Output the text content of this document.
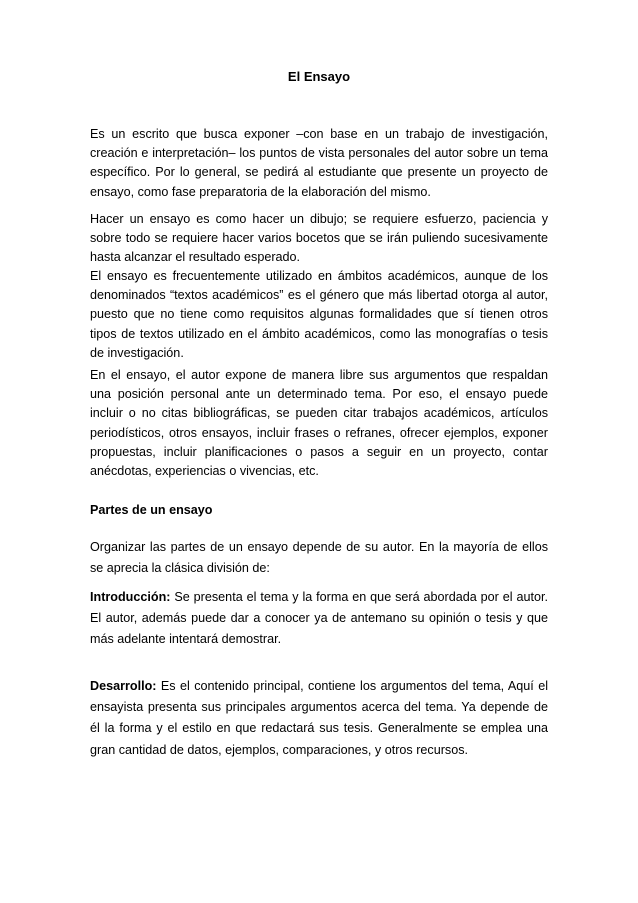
El Ensayo

Es un escrito que busca exponer –con base en un trabajo de investigación, creación e interpretación– los puntos de vista personales del autor sobre un tema específico. Por lo general, se pedirá al estudiante que presente un proyecto de ensayo, como fase preparatoria de la elaboración del mismo.

Hacer un ensayo es como hacer un dibujo; se requiere esfuerzo, paciencia y sobre todo se requiere hacer varios bocetos que se irán puliendo sucesivamente hasta alcanzar el resultado esperado.

El ensayo es frecuentemente utilizado en ámbitos académicos, aunque de los denominados “textos académicos” es el género que más libertad otorga al autor, puesto que no tiene como requisitos algunas formalidades que sí tienen otros tipos de textos utilizado en el ámbito académicos, como las monografías o tesis de investigación.

En el ensayo, el autor expone de manera libre sus argumentos que respaldan una posición personal ante un determinado tema. Por eso, el ensayo puede incluir o no citas bibliográficas, se pueden citar trabajos académicos, artículos periodísticos, otros ensayos, incluir frases o refranes, ofrecer ejemplos, exponer propuestas, incluir planificaciones o pasos a seguir en un proyecto, contar anécdotas, experiencias o vivencias, etc.

Partes de un ensayo

Organizar las partes de un ensayo depende de su autor. En la mayoría de ellos se aprecia la clásica división de:

Introducción: Se presenta el tema y la forma en que será abordada por el autor. El autor, además puede dar a conocer ya de antemano su opinión o tesis y que más adelante intentará demostrar.

Desarrollo: Es el contenido principal, contiene los argumentos del tema, Aquí el ensayista presenta sus principales argumentos acerca del tema. Ya depende de él la forma y el estilo en que redactará sus tesis. Generalmente se emplea una gran cantidad de datos, ejemplos, comparaciones, y otros recursos.
